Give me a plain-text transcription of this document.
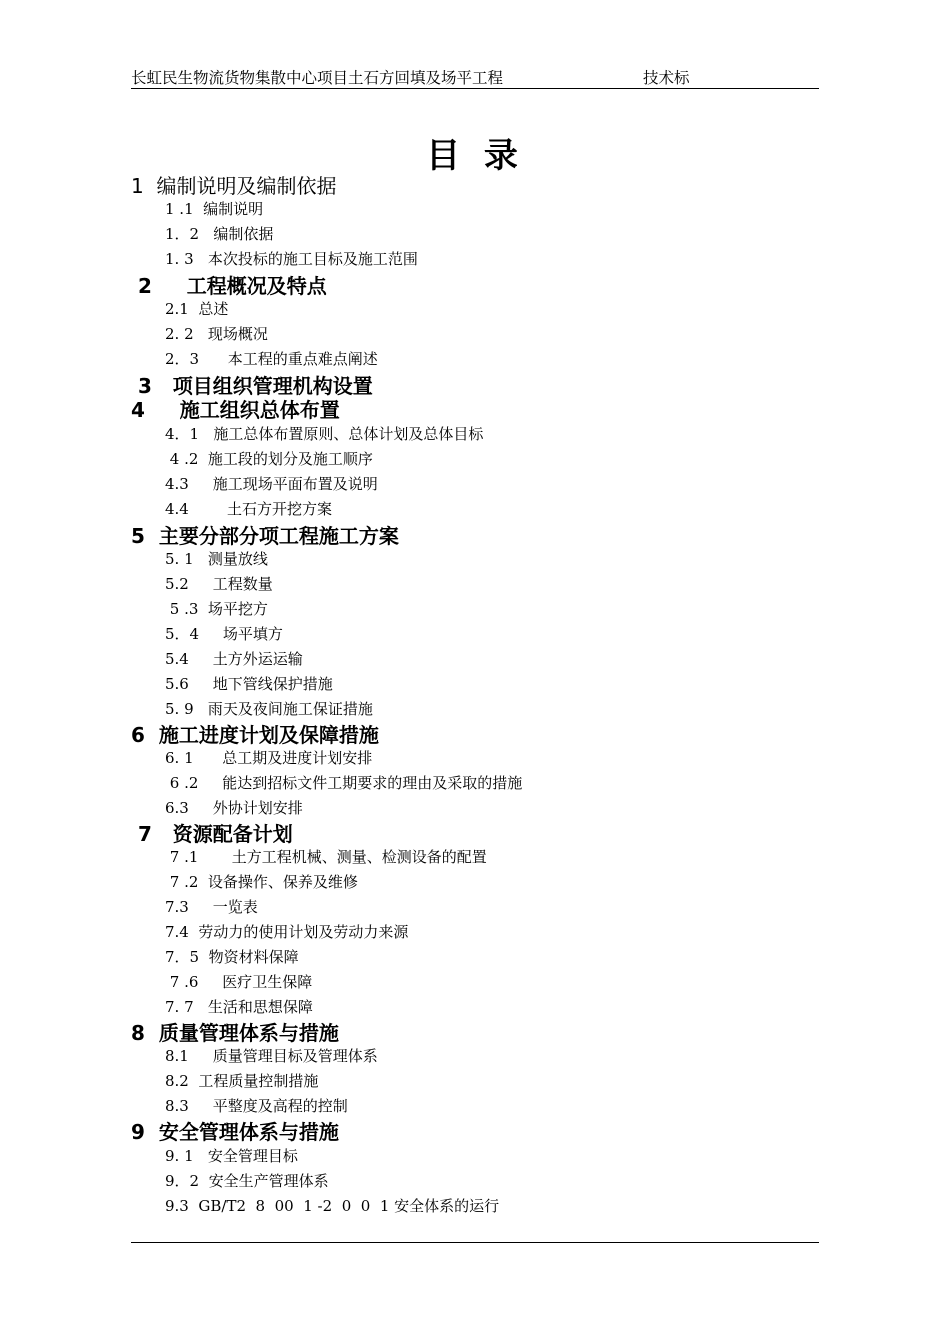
长虹民生物流货物集散中心项目土石方回填及场平工程	技术标
目 录
1  编制说明及编制依据
1 .1  编制说明
1．2   编制依据
1. 3   本次投标的施工目标及施工范围
2     工程概况及特点
2.1  总述
2. 2   现场概况
2．3      本工程的重点难点阐述
3   项目组织管理机构设置
4     施工组织总体布置
4．1   施工总体布置原则、总体计划及总体目标
4 .2  施工段的划分及施工顺序
4.3     施工现场平面布置及说明
4.4        土石方开挖方案
5  主要分部分项工程施工方案
5. 1   测量放线
5.2     工程数量
5 .3  场平挖方
5．4     场平填方
5.4     土方外运运输
5.6     地下管线保护措施
5. 9   雨天及夜间施工保证措施
6  施工进度计划及保障措施
6. 1      总工期及进度计划安排
6 .2     能达到招标文件工期要求的理由及采取的措施
6.3     外协计划安排
7   资源配备计划
7 .1       土方工程机械、测量、检测设备的配置
7 .2  设备操作、保养及维修
7.3     一览表
7.4  劳动力的使用计划及劳动力来源
7．5  物资材料保障
7 .6     医疗卫生保障
7. 7   生活和思想保障
8  质量管理体系与措施
8.1     质量管理目标及管理体系
8.2  工程质量控制措施
8.3     平整度及高程的控制
9  安全管理体系与措施
9. 1   安全管理目标
9．2  安全生产管理体系
9.3  GB/T2  8  00  1 -2  0  0  1 安全体系的运行
